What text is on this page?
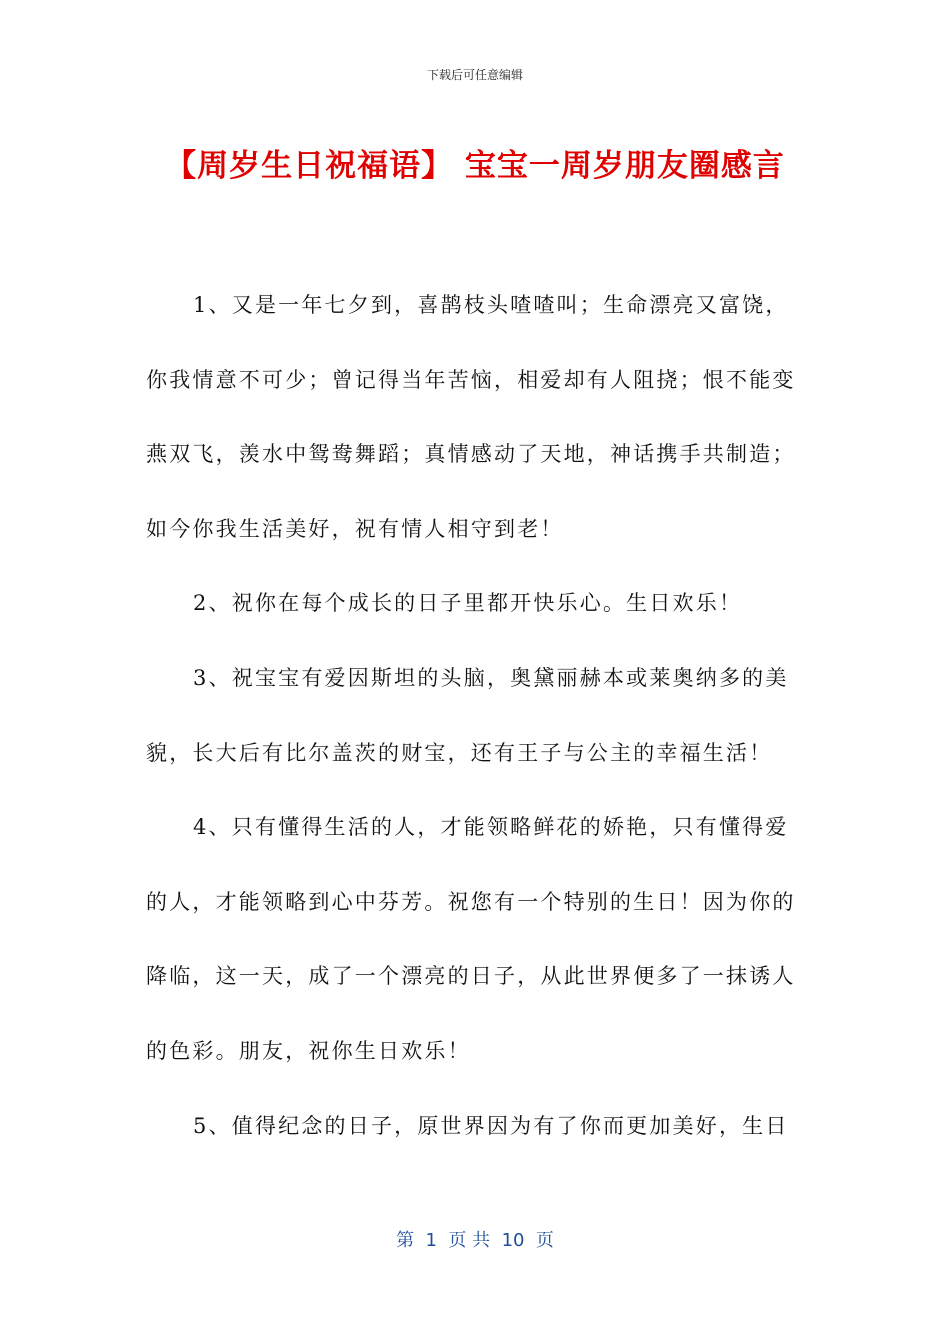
下载后可任意编辑
【周岁生日祝福语】 宝宝一周岁朋友圈感言

1、又是一年七夕到，喜鹊枝头喳喳叫；生命漂亮又富饶，你我情意不可少；曾记得当年苦恼，相爱却有人阻挠；恨不能变燕双飞，羡水中鸳鸯舞蹈；真情感动了天地，神话携手共制造；如今你我生活美好，祝有情人相守到老！

2、祝你在每个成长的日子里都开快乐心。生日欢乐！

3、祝宝宝有爱因斯坦的头脑，奥黛丽赫本或莱奥纳多的美貌，长大后有比尔盖茨的财宝，还有王子与公主的幸福生活！

4、只有懂得生活的人，才能领略鲜花的娇艳，只有懂得爱的人，才能领略到心中芬芳。祝您有一个特别的生日！因为你的降临，这一天，成了一个漂亮的日子，从此世界便多了一抹诱人的色彩。朋友，祝你生日欢乐！

5、值得纪念的日子，原世界因为有了你而更加美好，生日

第  1  页 共  10  页
